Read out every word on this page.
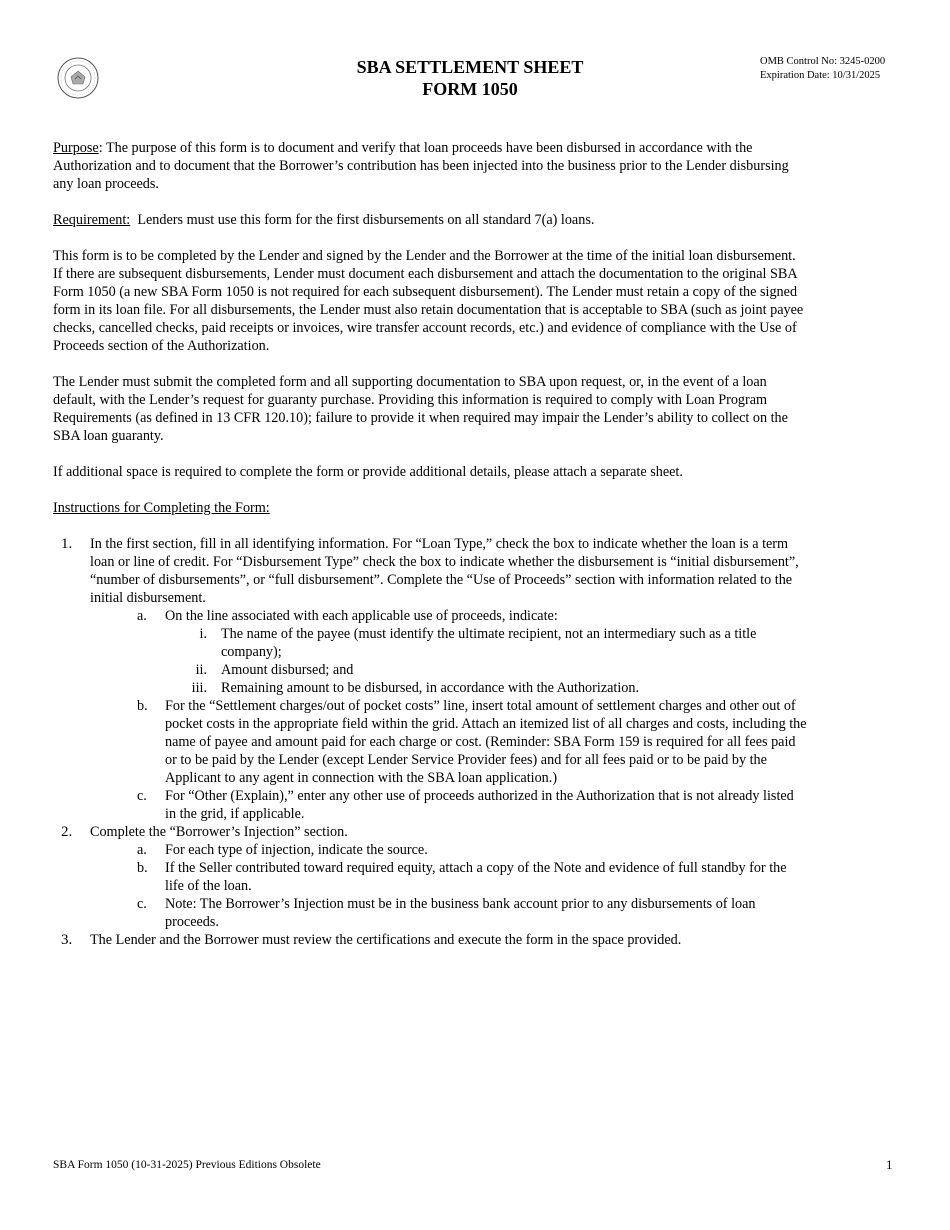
SBA SETTLEMENT SHEET
FORM 1050
OMB Control No: 3245-0200
Expiration Date: 10/31/2025

Purpose: The purpose of this form is to document and verify that loan proceeds have been disbursed in accordance with the Authorization and to document that the Borrower’s contribution has been injected into the business prior to the Lender disbursing any loan proceeds.

Requirement:  Lenders must use this form for the first disbursements on all standard 7(a) loans.

This form is to be completed by the Lender and signed by the Lender and the Borrower at the time of the initial loan disbursement. If there are subsequent disbursements, Lender must document each disbursement and attach the documentation to the original SBA Form 1050 (a new SBA Form 1050 is not required for each subsequent disbursement). The Lender must retain a copy of the signed form in its loan file. For all disbursements, the Lender must also retain documentation that is acceptable to SBA (such as joint payee checks, cancelled checks, paid receipts or invoices, wire transfer account records, etc.) and evidence of compliance with the Use of Proceeds section of the Authorization.

The Lender must submit the completed form and all supporting documentation to SBA upon request, or, in the event of a loan default, with the Lender’s request for guaranty purchase. Providing this information is required to comply with Loan Program Requirements (as defined in 13 CFR 120.10); failure to provide it when required may impair the Lender’s ability to collect on the SBA loan guaranty.

If additional space is required to complete the form or provide additional details, please attach a separate sheet.

Instructions for Completing the Form:
1. In the first section, fill in all identifying information. For “Loan Type,” check the box to indicate whether the loan is a term loan or line of credit. For “Disbursement Type” check the box to indicate whether the disbursement is “initial disbursement”, “number of disbursements”, or “full disbursement”. Complete the “Use of Proceeds” section with information related to the initial disbursement.
a. On the line associated with each applicable use of proceeds, indicate:
i. The name of the payee (must identify the ultimate recipient, not an intermediary such as a title company);
ii. Amount disbursed; and
iii. Remaining amount to be disbursed, in accordance with the Authorization.
b. For the “Settlement charges/out of pocket costs” line, insert total amount of settlement charges and other out of pocket costs in the appropriate field within the grid. Attach an itemized list of all charges and costs, including the name of payee and amount paid for each charge or cost. (Reminder: SBA Form 159 is required for all fees paid or to be paid by the Lender (except Lender Service Provider fees) and for all fees paid or to be paid by the Applicant to any agent in connection with the SBA loan application.)
c. For “Other (Explain),” enter any other use of proceeds authorized in the Authorization that is not already listed in the grid, if applicable.
2. Complete the “Borrower’s Injection” section.
a. For each type of injection, indicate the source.
b. If the Seller contributed toward required equity, attach a copy of the Note and evidence of full standby for the life of the loan.
c. Note: The Borrower’s Injection must be in the business bank account prior to any disbursements of loan proceeds.
3. The Lender and the Borrower must review the certifications and execute the form in the space provided.
SBA Form 1050 (10-31-2025) Previous Editions Obsolete	1
